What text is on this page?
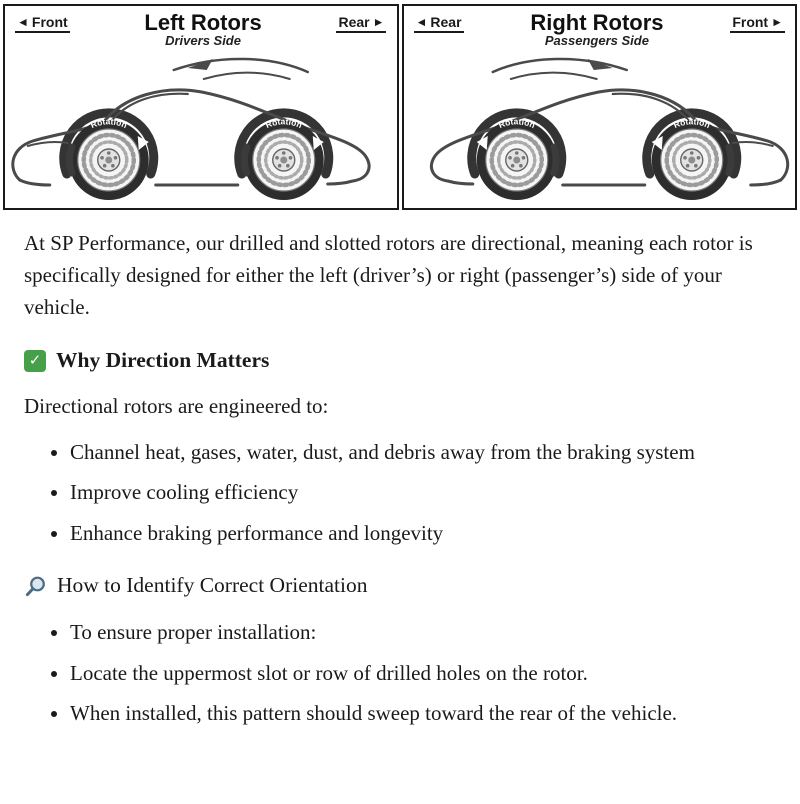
◄ Front	Left Rotors
Drivers Side
Rear ►
Rotation	Rotation
◄ Rear	Right Rotors
Passengers Side
Front ►
Rotation	Rotation

At SP Performance, our drilled and slotted rotors are directional, meaning each rotor is specifically designed for either the left (driver’s) or right (passenger’s) side of your vehicle.

✓
Why Direction Matters

Directional rotors are engineered to:

• Channel heat, gases, water, dust, and debris away from the braking system
• Improve cooling efficiency
• Enhance braking performance and longevity
How to Identify Correct Orientation
• To ensure proper installation:
• Locate the uppermost slot or row of drilled holes on the rotor.
• When installed, this pattern should sweep toward the rear of the vehicle.
